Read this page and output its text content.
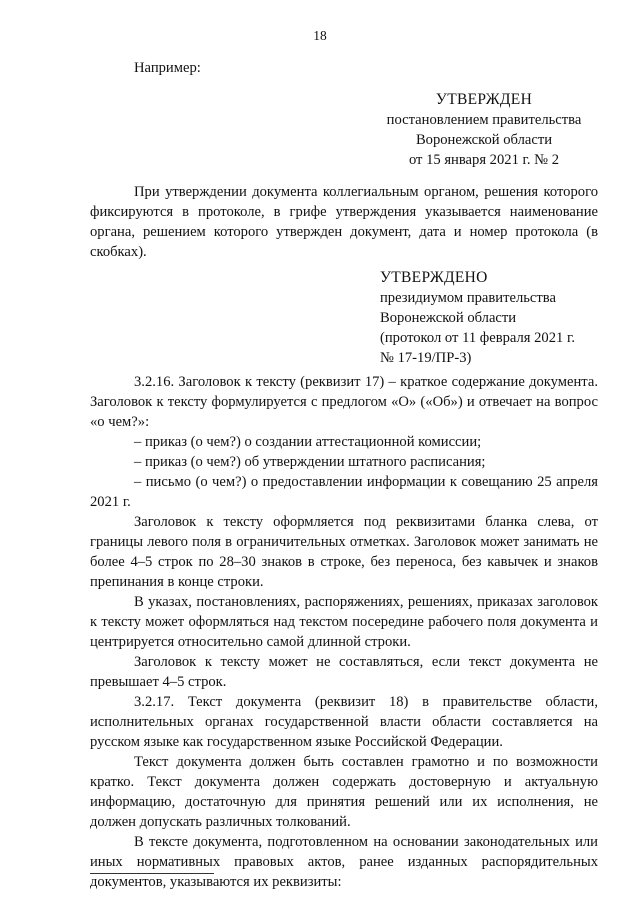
18
Например:
УТВЕРЖДЕН
постановлением правительства
Воронежской области
от 15 января 2021 г. № 2

При утверждении документа коллегиальным органом, решения которого фиксируются в протоколе, в грифе утверждения указывается наименование органа, решением которого утвержден документ, дата и номер протокола (в скобках).

УТВЕРЖДЕНО
президиумом правительства
Воронежской области
(протокол от 11 февраля 2021 г.
№ 17-19/ПР-3)

3.2.16. Заголовок к тексту (реквизит 17) – краткое содержание документа. Заголовок к тексту формулируется с предлогом «О» («Об») и отвечает на вопрос «о чем?»:

– приказ (о чем?) о создании аттестационной комиссии;

– приказ (о чем?) об утверждении штатного расписания;

– письмо (о чем?) о предоставлении информации к совещанию 25 апреля 2021 г.

Заголовок к тексту оформляется под реквизитами бланка слева, от границы левого поля в ограничительных отметках. Заголовок может занимать не более 4–5 строк по 28–30 знаков в строке, без переноса, без кавычек и знаков препинания в конце строки.

В указах, постановлениях, распоряжениях, решениях, приказах заголовок к тексту может оформляться над текстом посередине рабочего поля документа и центрируется относительно самой длинной строки.

Заголовок к тексту может не составляться, если текст документа не превышает 4–5 строк.

3.2.17. Текст документа (реквизит 18) в правительстве области, исполнительных органах государственной власти области составляется на русском языке как государственном языке Российской Федерации.

Текст документа должен быть составлен грамотно и по возможности кратко. Текст документа должен содержать достоверную и актуальную информацию, достаточную для принятия решений или их исполнения, не должен допускать различных толкований.

В тексте документа, подготовленном на основании законодательных или иных нормативных правовых актов, ранее изданных распорядительных документов, указываются их реквизиты:
